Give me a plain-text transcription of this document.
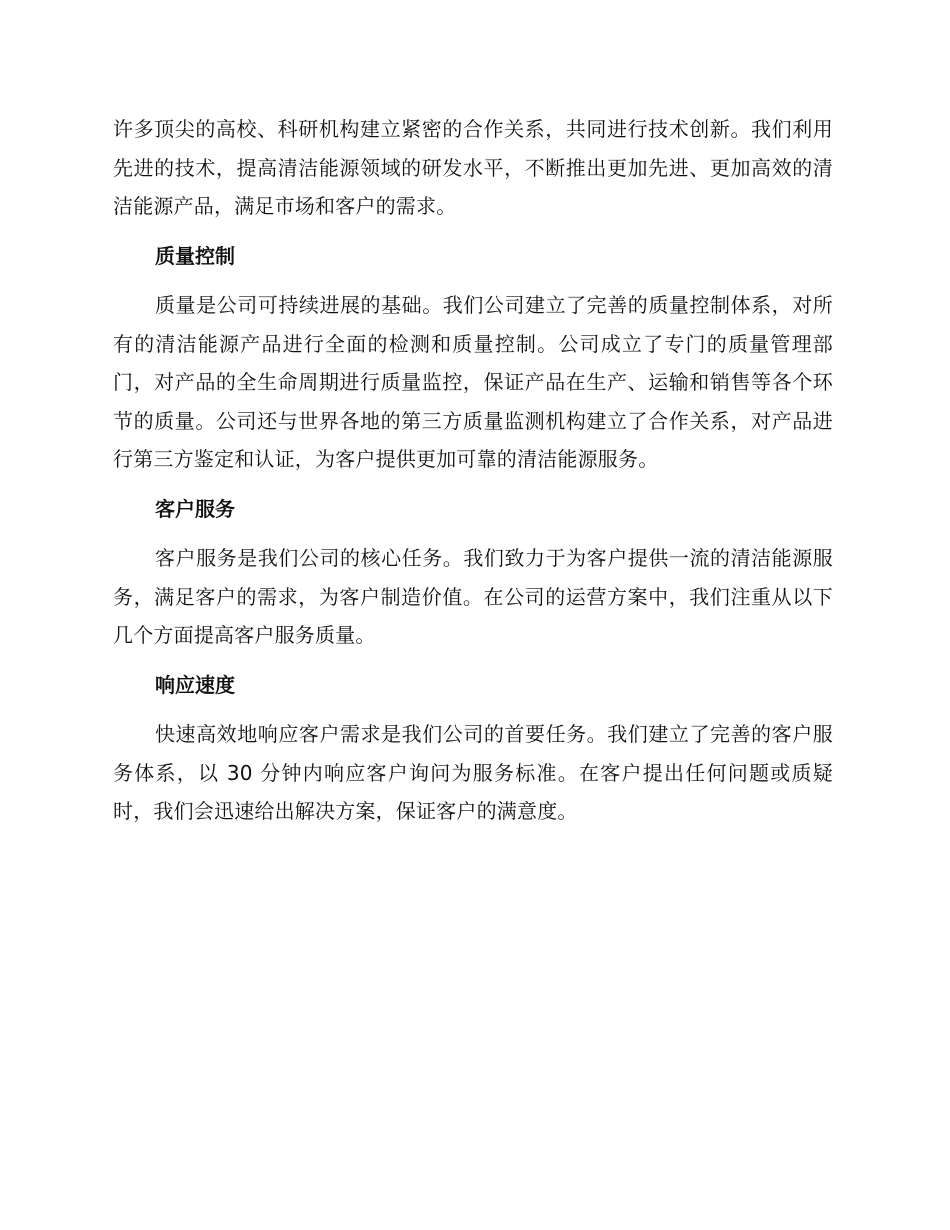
许多顶尖的高校、科研机构建立紧密的合作关系，共同进行技术创新。我们利用先进的技术，提高清洁能源领域的研发水平，不断推出更加先进、更加高效的清洁能源产品，满足市场和客户的需求。

质量控制

质量是公司可持续进展的基础。我们公司建立了完善的质量控制体系，对所有的清洁能源产品进行全面的检测和质量控制。公司成立了专门的质量管理部门，对产品的全生命周期进行质量监控，保证产品在生产、运输和销售等各个环节的质量。公司还与世界各地的第三方质量监测机构建立了合作关系，对产品进行第三方鉴定和认证，为客户提供更加可靠的清洁能源服务。

客户服务

客户服务是我们公司的核心任务。我们致力于为客户提供一流的清洁能源服务，满足客户的需求，为客户制造价值。在公司的运营方案中，我们注重从以下几个方面提高客户服务质量。

响应速度

快速高效地响应客户需求是我们公司的首要任务。我们建立了完善的客户服务体系，以 30 分钟内响应客户询问为服务标准。在客户提出任何问题或质疑时，我们会迅速给出解决方案，保证客户的满意度。
